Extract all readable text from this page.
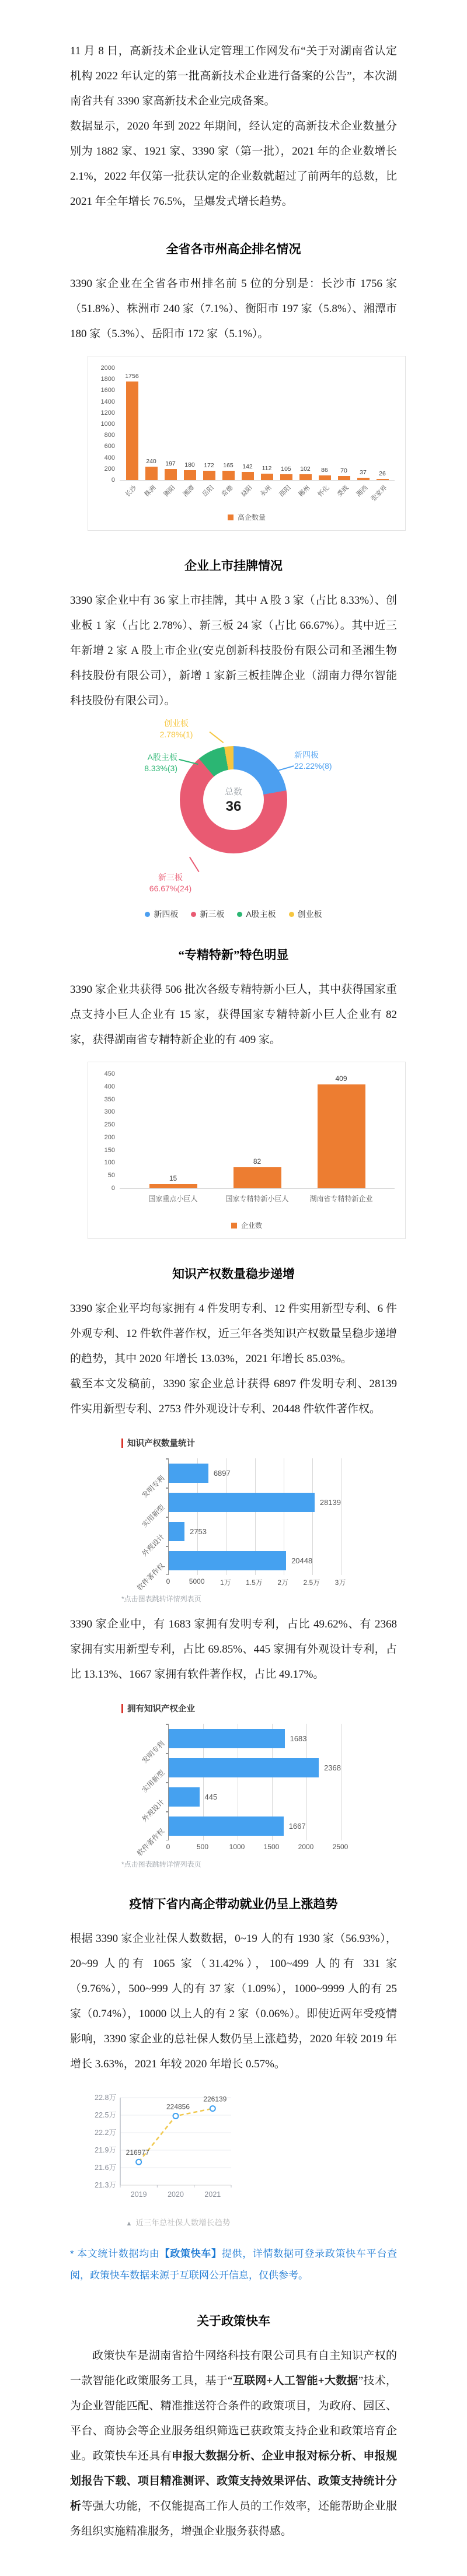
11 月 8 日，高新技术企业认定管理工作网发布“关于对湖南省认定机构 2022 年认定的第一批高新技术企业进行备案的公告”，本次湖南省共有 3390 家高新技术企业完成备案。

数据显示，2020 年到 2022 年期间，经认定的高新技术企业数量分别为 1882 家、1921 家、3390 家（第一批），2021 年的企业数增长 2.1%，2022 年仅第一批获认定的企业数就超过了前两年的总数，比 2021 年全年增长 76.5%，呈爆发式增长趋势。

全省各市州高企排名情况

3390 家企业在全省各市州排名前 5 位的分别是：长沙市 1756 家（51.8%）、株洲市 240 家（7.1%）、衡阳市 197 家（5.8%）、湘潭市 180 家（5.3%）、岳阳市 172 家（5.1%）。

2000
1800
1600
1400
1200
1000
800
600
400
200
0
1756
240 197 180 172 165 142 112 105 102 86 70 37 26
长沙 株洲 衡阳 湘潭 岳阳 常德 益阳 永州 邵阳 郴州 怀化 娄底 湘西 张家界
高企数量
企业上市挂牌情况

3390 家企业中有 36 家上市挂牌，其中 A 股 3 家（占比 8.33%）、创业板 1 家（占比 2.78%）、新三板 24 家（占比 66.67%）。其中近三年新增 2 家 A 股上市企业(安克创新科技股份有限公司和圣湘生物科技股份有限公司），新增 1 家新三板挂牌企业（湖南力得尔智能科技股份有限公司）。

总数
36
新四板
22.22%(8)
新三板
66.67%(24)
A股主板
8.33%(3)
创业板
2.78%(1)
新四板	新三板	A股主板	创业板
“专精特新”特色明显

3390 家企业共获得 506 批次各级专精特新小巨人，其中获得国家重点支持小巨人企业有 15 家，获得国家专精特新小巨人企业有 82 家，获得湖南省专精特新企业的有 409 家。

450
400
350
300
250
200
150
100
50
0
15
82
409
国家重点小巨人	国家专精特新小巨人	湖南省专精特新企业
企业数
知识产权数量稳步递增

3390 家企业平均每家拥有 4 件发明专利、12 件实用新型专利、6 件外观专利、12 件软件著作权，近三年各类知识产权数量呈稳步递增的趋势，其中 2020 年增长 13.03%，2021 年增长 85.03%。

截至本文发稿前，3390 家企业总计获得 6897 件发明专利、28139 件实用新型专利、2753 件外观设计专利、20448 件软件著作权。

知识产权数量统计
发明专利
6897
实用新型
28139
外观设计
2753
软件著作权
20448
0	5000 1万 1.5万 2万 2.5万 3万
*点击图表跳转详情列表页

3390 家企业中，有 1683 家拥有发明专利，占比 49.62%、有 2368 家拥有实用新型专利，占比 69.85%、445 家拥有外观设计专利，占比 13.13%、1667 家拥有软件著作权，占比 49.17%。

拥有知识产权企业
发明专利
1683
实用新型
2368
外观设计
445
软件著作权
1667
0	500	1000	1500	2000	2500
*点击图表跳转详情列表页
疫情下省内高企带动就业仍呈上涨趋势

根据 3390 家企业社保人数数据，0~19 人的有 1930 家（56.93%），20~99 人的有 1065 家（31.42%），100~499 人的有 331 家（9.76%），500~999 人的有 37 家（1.09%），1000~9999 人的有 25 家（0.74%），10000 以上人的有 2 家（0.06%）。即使近两年受疫情影响，3390 家企业的总社保人数仍呈上涨趋势，2020 年较 2019 年增长 3.63%，2021 年较 2020 年增长 0.57%。

21.3万
21.6万
21.9万
22.2万
22.5万
22.8万
216977
2019
224856
2020
226139
2021
▲ 近三年总社保人数增长趋势

* 本文统计数据均由【政策快车】提供，详情数据可登录政策快车平台查阅，政策快车数据来源于互联网公开信息，仅供参考。

关于政策快车

政策快车是湖南省拾牛网络科技有限公司具有自主知识产权的一款智能化政策服务工具，基于“互联网+人工智能+大数据”技术，为企业智能匹配、精准推送符合条件的政策项目，为政府、园区、平台、商协会等企业服务组织筛选已获政策支持企业和政策培育企业。政策快车还具有申报大数据分析、企业申报对标分析、申报规划报告下载、项目精准测评、政策支持效果评估、政策支持统计分析等强大功能，不仅能提高工作人员的工作效率，还能帮助企业服务组织实施精准服务，增强企业服务获得感。
